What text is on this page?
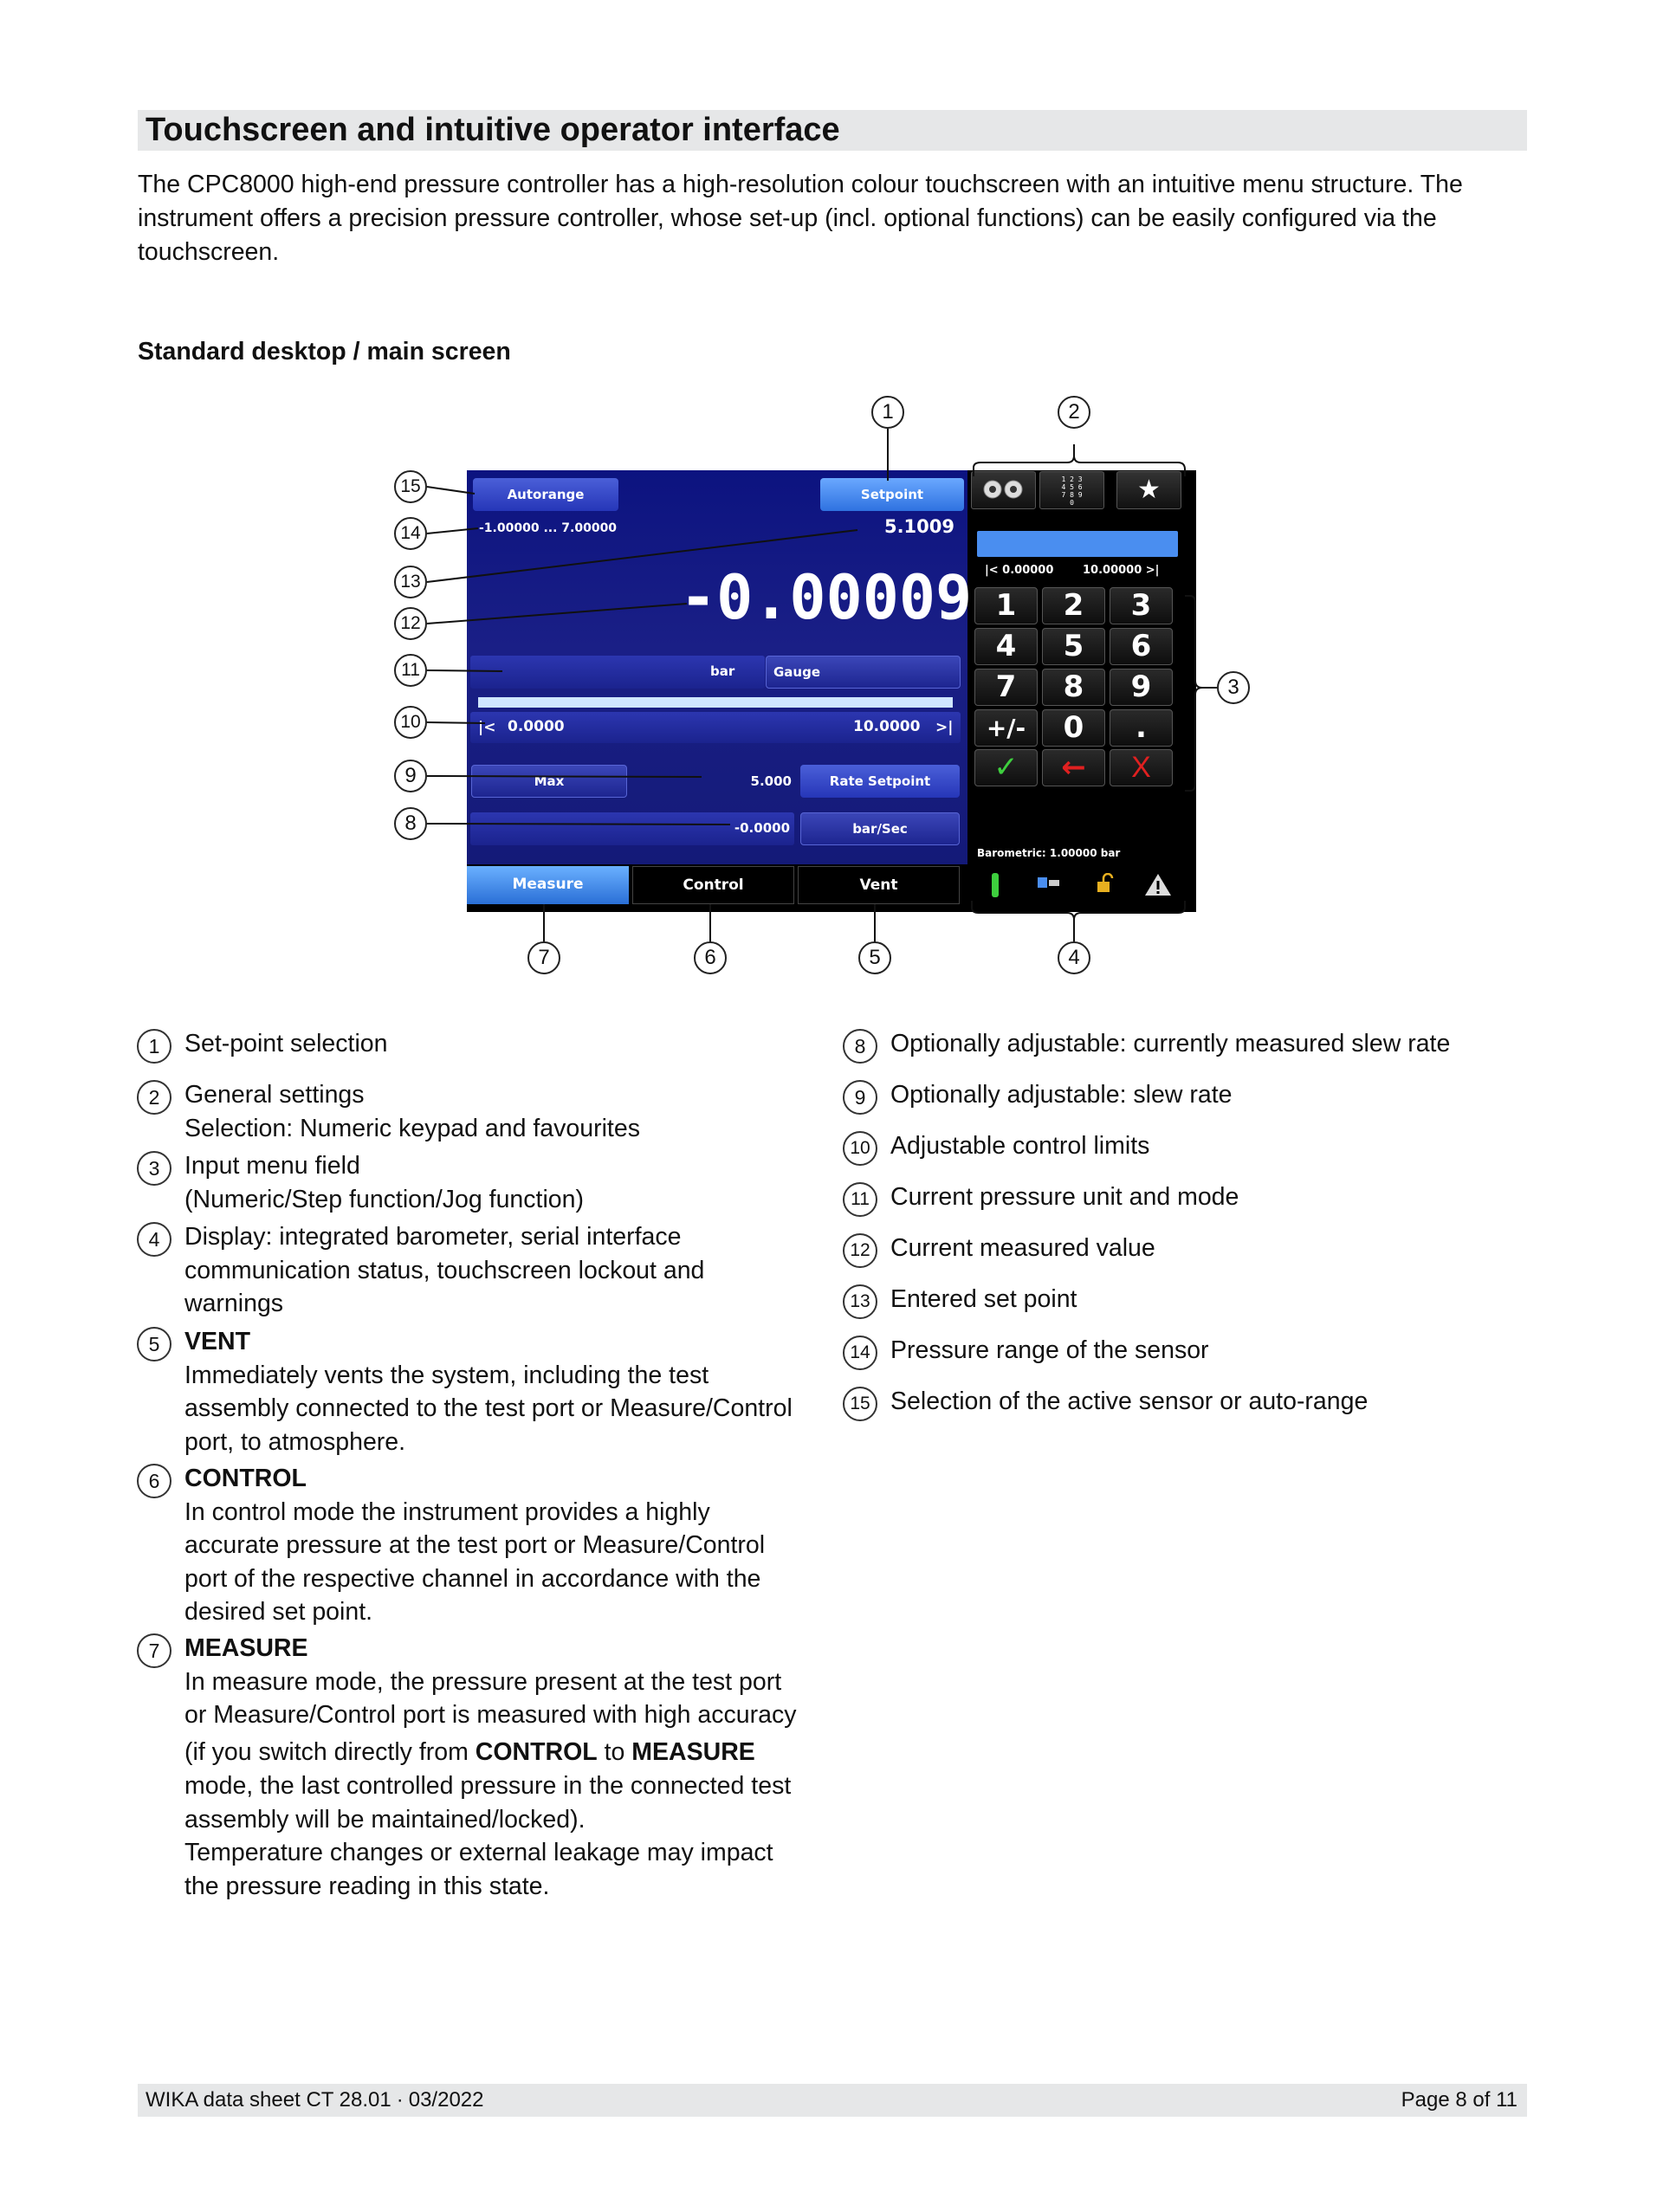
Touchscreen and intuitive operator interface
The CPC8000 high-end pressure controller has a high-resolution colour touchscreen with an intuitive menu structure. The instrument offers a precision pressure controller, whose set-up (incl. optional functions) can be easily configured via the touchscreen.
Standard desktop / main screen
Autorange	Setpoint
-1.00000 ... 7.00000	5.1009
-0.00009
bar	Gauge
|< 0.0000	10.0000 >|
Max	5.000	Rate Setpoint
-0.0000	bar/Sec
Measure	Control	Vent
1 2 3
4 5 6
7 8 9
0	★
|< 0.00000	10.00000 >|
1	2	3
4	5	6
7	8	9
+/-	0	.
✓	←	X
Barometric: 1.00000 bar
1	2
3
4
5
6
7
8
9
10
11
12
13
14
15
1	Set-point selection
2	General settings
Selection: Numeric keypad and favourites
3	Input menu field
(Numeric/Step function/Jog function)
4	Display: integrated barometer, serial interface
communication status, touchscreen lockout and
warnings
5	VENT
Immediately vents the system, including the test
assembly connected to the test port or Measure/Control
port, to atmosphere.
6	CONTROL
In control mode the instrument provides a highly
accurate pressure at the test port or Measure/Control
port of the respective channel in accordance with the
desired set point.
7	MEASURE
In measure mode, the pressure present at the test port
or Measure/Control port is measured with high accuracy
(if you switch directly from CONTROL to MEASURE
mode, the last controlled pressure in the connected test
assembly will be maintained/locked).
Temperature changes or external leakage may impact
the pressure reading in this state.
8	Optionally adjustable: currently measured slew rate
9	Optionally adjustable: slew rate
10 Adjustable control limits
11 Current pressure unit and mode
12 Current measured value
13 Entered set point
14 Pressure range of the sensor
15 Selection of the active sensor or auto-range
WIKA data sheet CT 28.01 ∙ 03/2022	Page 8 of 11
